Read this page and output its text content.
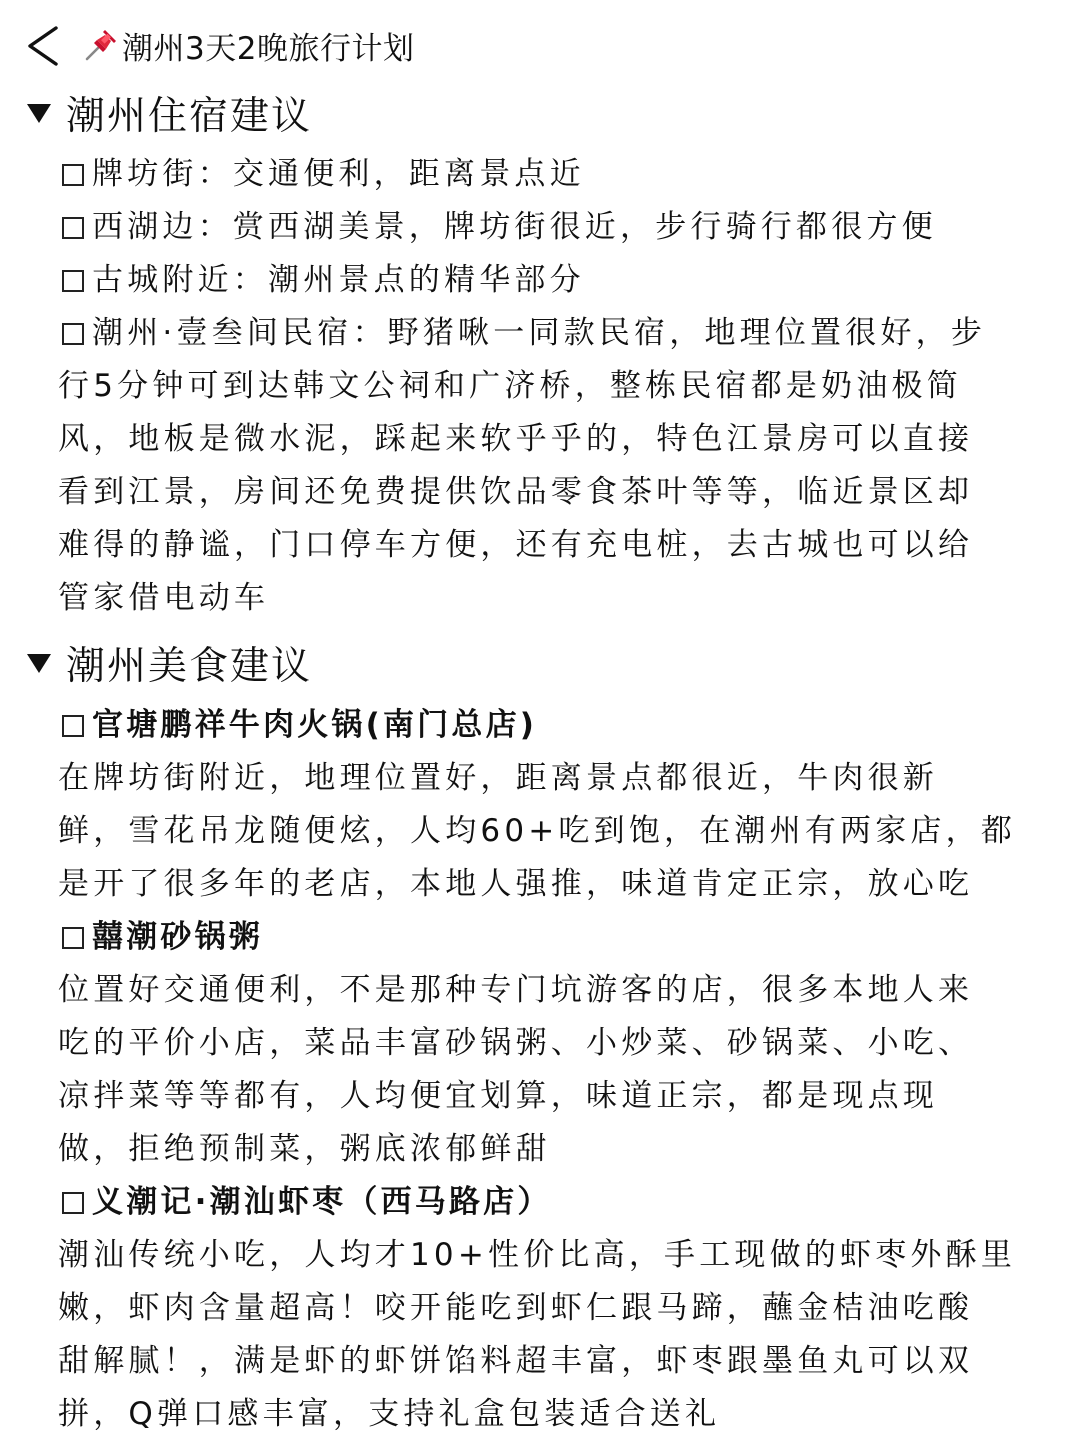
潮州3天2晚旅行计划
潮州住宿建议
牌坊街：交通便利，距离景点近
西湖边：赏西湖美景，牌坊街很近，步行骑行都很方便
古城附近：潮州景点的精华部分
潮州·壹叁间民宿：野猪啾一同款民宿，地理位置很好，步
行5分钟可到达韩文公祠和广济桥，整栋民宿都是奶油极简
风，地板是微水泥，踩起来软乎乎的，特色江景房可以直接
看到江景，房间还免费提供饮品零食茶叶等等，临近景区却
难得的静谧，门口停车方便，还有充电桩，去古城也可以给
管家借电动车
潮州美食建议
官塘鹏祥牛肉火锅(南门总店)
在牌坊街附近，地理位置好，距离景点都很近，牛肉很新
鲜，雪花吊龙随便炫，人均60+吃到饱，在潮州有两家店，都
是开了很多年的老店，本地人强推，味道肯定正宗，放心吃
囍潮砂锅粥
位置好交通便利，不是那种专门坑游客的店，很多本地人来
吃的平价小店，菜品丰富砂锅粥、小炒菜、砂锅菜、小吃、
凉拌菜等等都有，人均便宜划算，味道正宗，都是现点现
做，拒绝预制菜，粥底浓郁鲜甜
义潮记·潮汕虾枣（西马路店）
潮汕传统小吃，人均才10+性价比高，手工现做的虾枣外酥里
嫩，虾肉含量超高！咬开能吃到虾仁跟马蹄，蘸金桔油吃酸
甜解腻！，满是虾的虾饼馅料超丰富，虾枣跟墨鱼丸可以双
拼，Q弹口感丰富，支持礼盒包装适合送礼
